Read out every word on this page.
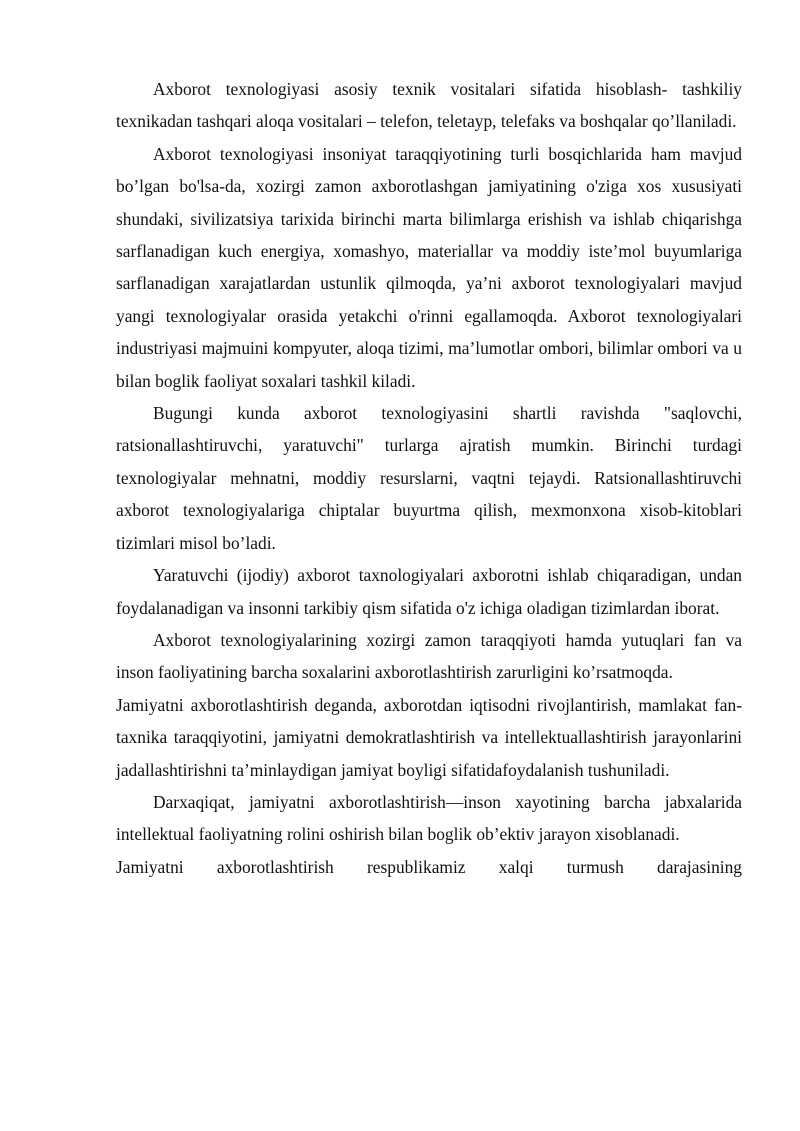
Axborot texnologiyasi asosiy texnik vositalari sifatida hisoblash- tashkiliy texnikadan tashqari aloqa vositalari – telefon, teletayp, telefaks va boshqalar qo’llaniladi.

Axborot texnologiyasi insoniyat taraqqiyotining turli bosqichlarida ham mavjud bo’lgan bo'lsa-da, xozirgi zamon axborotlashgan jamiyatining o'ziga xos xususiyati shundaki, sivilizatsiya tarixida birinchi marta bilimlarga erishish va ishlab chiqarishga sarflanadigan kuch energiya, xomashyo, materiallar va moddiy iste’mol buyumlariga sarflanadigan xarajatlardan ustunlik qilmoqda, ya’ni axborot texnologiyalari mavjud yangi texnologiyalar orasida yetakchi o'rinni egallamoqda. Axborot texnologiyalari industriyasi majmuini kompyuter, aloqa tizimi, ma’lumotlar ombori, bilimlar ombori va u bilan boglik faoliyat soxalari tashkil kiladi.

Bugungi kunda axborot texnologiyasini shartli ravishda "saqlovchi, ratsionallashtiruvchi, yaratuvchi" turlarga ajratish mumkin. Birinchi turdagi texnologiyalar mehnatni, moddiy resurslarni, vaqtni tejaydi. Ratsionallashtiruvchi axborot texnologiyalariga chiptalar buyurtma qilish, mexmonxona xisob-kitoblari tizimlari misol bo’ladi.

Yaratuvchi (ijodiy) axborot taxnologiyalari axborotni ishlab chiqaradigan, undan foydalanadigan va insonni tarkibiy qism sifatida o'z ichiga oladigan tizimlardan iborat.

Axborot texnologiyalarining xozirgi zamon taraqqiyoti hamda yutuqlari fan va inson faoliyatining barcha soxalarini axborotlashtirish zarurligini ko’rsatmoqda.

Jamiyatni axborotlashtirish deganda, axborotdan iqtisodni rivojlantirish, mamlakat fan-taxnika taraqqiyotini, jamiyatni demokratlashtirish va intellektuallashtirish jarayonlarini jadallashtirishni ta’minlaydigan jamiyat boyligi sifatidafoydalanish tushuniladi.

Darxaqiqat, jamiyatni axborotlashtirish—inson xayotining barcha jabxalarida intellektual faoliyatning rolini oshirish bilan boglik ob’ektiv jarayon xisoblanadi.

Jamiyatni axborotlashtirish respublikamiz xalqi turmush darajasining
